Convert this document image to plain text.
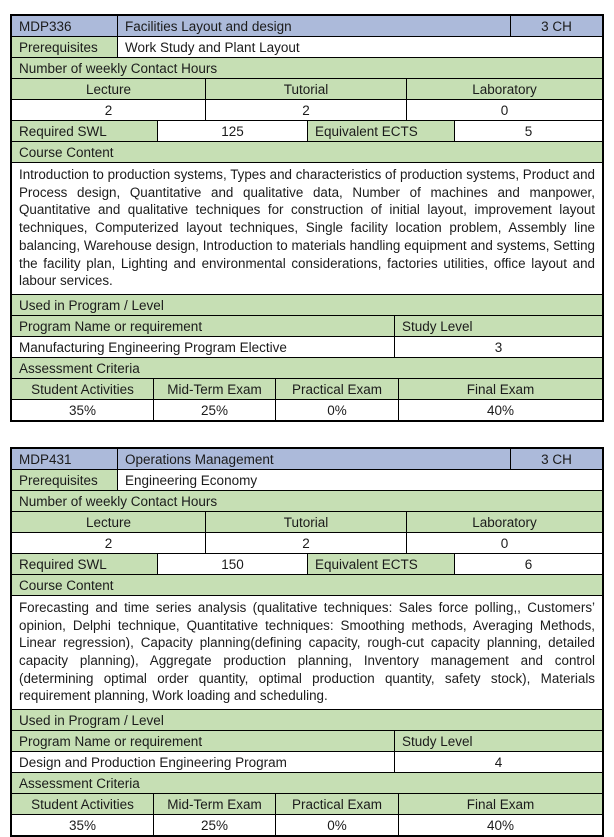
MDP336	Facilities Layout and design	3 CH
Prerequisites	Work Study and Plant Layout
Number of weekly Contact Hours
Lecture	Tutorial	Laboratory
2	2	0
Required SWL	125	Equivalent ECTS	5
Course Content
Introduction to production systems, Types and characteristics of production systems, Product and Process design, Quantitative and qualitative data, Number of machines and manpower, Quantitative and qualitative techniques for construction of initial layout, improvement layout techniques, Computerized layout techniques, Single facility location problem, Assembly line balancing, Warehouse design, Introduction to materials handling equipment and systems, Setting the facility plan, Lighting and environmental considerations, factories utilities, office layout and labour services.
Used in Program / Level
Program Name or requirement	Study Level
Manufacturing Engineering Program Elective	3
Assessment Criteria
Student Activities	Mid-Term Exam	Practical Exam	Final Exam
35%	25%	0%	40%
MDP431	Operations Management	3 CH
Prerequisites	Engineering Economy
Number of weekly Contact Hours
Lecture	Tutorial	Laboratory
2	2	0
Required SWL	150	Equivalent ECTS	6
Course Content
Forecasting and time series analysis (qualitative techniques: Sales force polling,, Customers’ opinion, Delphi technique, Quantitative techniques: Smoothing methods, Averaging Methods, Linear regression), Capacity planning(defining capacity, rough-cut capacity planning, detailed capacity planning), Aggregate production planning, Inventory management and control (determining optimal order quantity, optimal production quantity, safety stock), Materials requirement planning, Work loading and scheduling.
Used in Program / Level
Program Name or requirement	Study Level
Design and Production Engineering Program	4
Assessment Criteria
Student Activities	Mid-Term Exam	Practical Exam	Final Exam
35%	25%	0%	40%
